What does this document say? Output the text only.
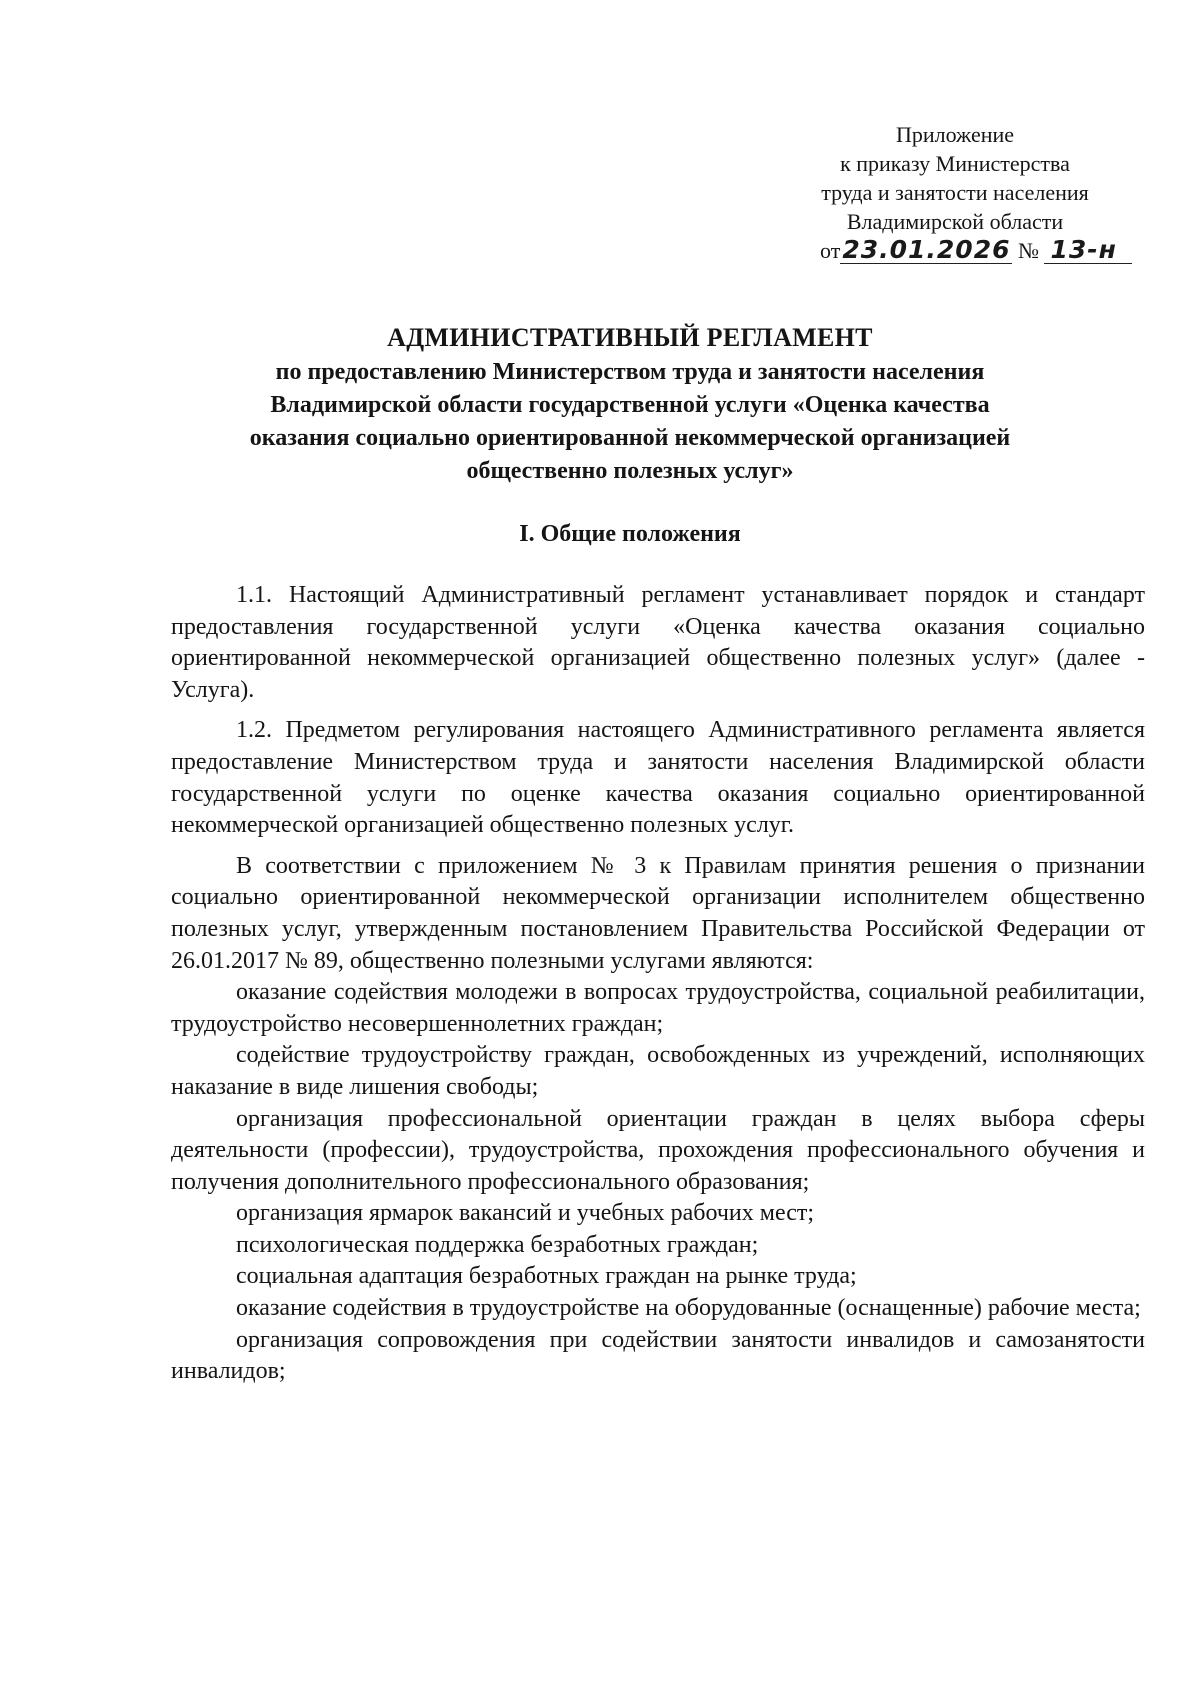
Приложение
к приказу Министерства
труда и занятости населения
Владимирской области
от23.01.2026 № 13-н
АДМИНИСТРАТИВНЫЙ РЕГЛАМЕНТ
по предоставлению Министерством труда и занятости населения
Владимирской области государственной услуги «Оценка качества
оказания социально ориентированной некоммерческой организацией
общественно полезных услуг»
I. Общие положения

1.1. Настоящий Административный регламент устанавливает порядок и стандарт предоставления государственной услуги «Оценка качества оказания социально ориентированной некоммерческой организацией общественно полезных услуг» (далее - Услуга).

1.2. Предметом регулирования настоящего Административного регламента является предоставление Министерством труда и занятости населения Владимирской области государственной услуги по оценке качества оказания социально ориентированной некоммерческой организацией общественно полезных услуг.

В соответствии с приложением № 3 к Правилам принятия решения о признании социально ориентированной некоммерческой организации исполнителем общественно полезных услуг, утвержденным постановлением Правительства Российской Федерации от 26.01.2017 № 89, общественно полезными услугами являются:

оказание содействия молодежи в вопросах трудоустройства, социальной реабилитации, трудоустройство несовершеннолетних граждан;

содействие трудоустройству граждан, освобожденных из учреждений, исполняющих наказание в виде лишения свободы;

организация профессиональной ориентации граждан в целях выбора сферы деятельности (профессии), трудоустройства, прохождения профессионального обучения и получения дополнительного профессионального образования;

организация ярмарок вакансий и учебных рабочих мест;

психологическая поддержка безработных граждан;

социальная адаптация безработных граждан на рынке труда;

оказание содействия в трудоустройстве на оборудованные (оснащенные) рабочие места;

организация сопровождения при содействии занятости инвалидов и самозанятости инвалидов;
